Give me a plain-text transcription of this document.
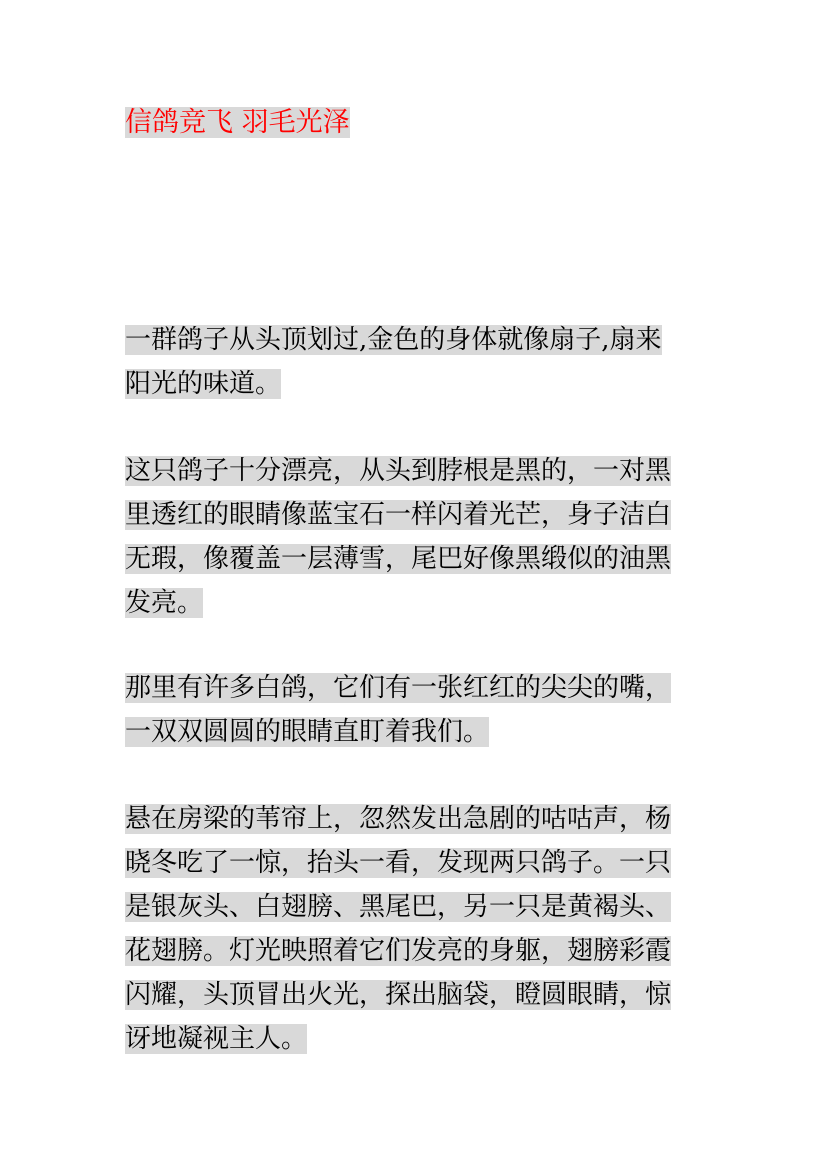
信鸽竞飞 羽毛光泽
一群鸽子从头顶划过,金色的身体就像扇子,扇来
阳光的味道。
这只鸽子十分漂亮，从头到脖根是黑的，一对黑
里透红的眼睛像蓝宝石一样闪着光芒，身子洁白
无瑕，像覆盖一层薄雪，尾巴好像黑缎似的油黑
发亮。
那里有许多白鸽，它们有一张红红的尖尖的嘴，
一双双圆圆的眼睛直盯着我们。
悬在房梁的苇帘上，忽然发出急剧的咕咕声，杨
晓冬吃了一惊，抬头一看，发现两只鸽子。一只
是银灰头、白翅膀、黑尾巴，另一只是黄褐头、
花翅膀。灯光映照着它们发亮的身躯，翅膀彩霞
闪耀，头顶冒出火光，探出脑袋，瞪圆眼睛，惊
讶地凝视主人。
